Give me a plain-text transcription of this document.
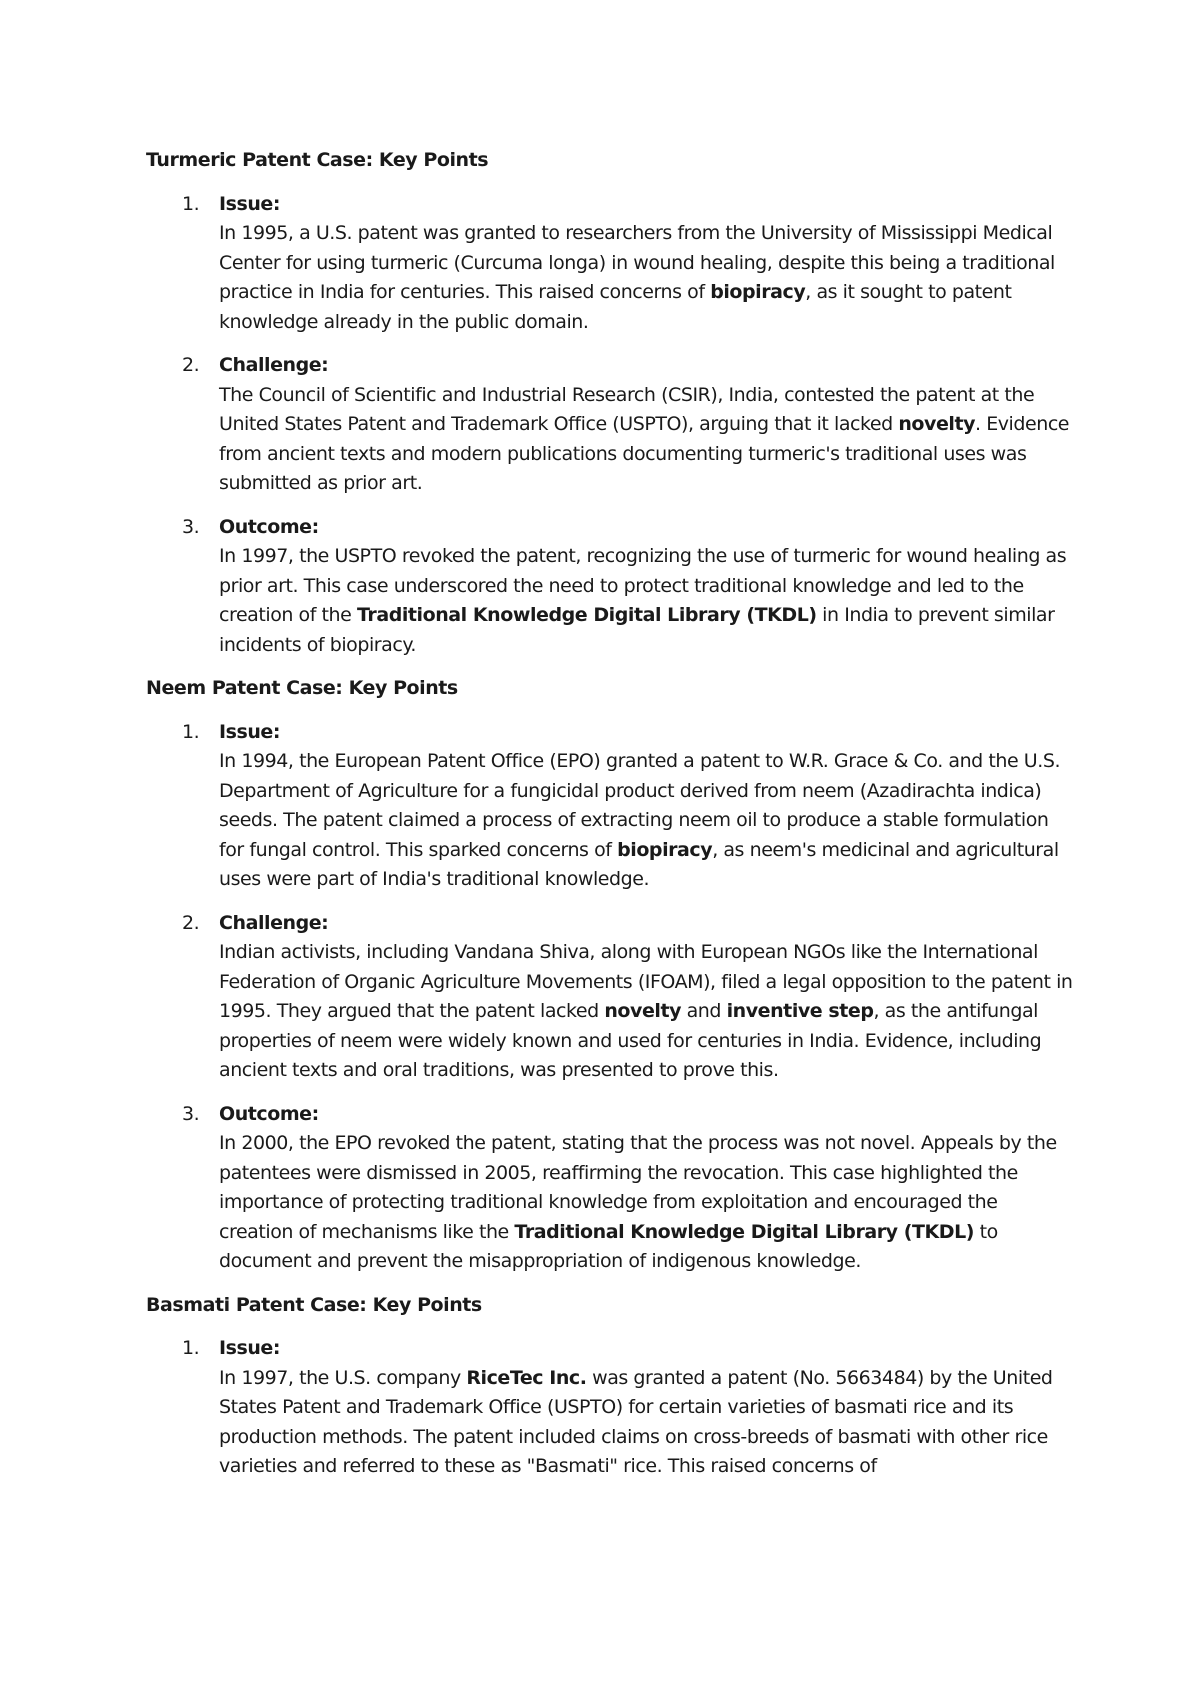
Turmeric Patent Case: Key Points
1. Issue:
In 1995, a U.S. patent was granted to researchers from the University of Mississippi Medical Center for using turmeric (Curcuma longa) in wound healing, despite this being a traditional practice in India for centuries. This raised concerns of biopiracy, as it sought to patent knowledge already in the public domain.
2. Challenge:
The Council of Scientific and Industrial Research (CSIR), India, contested the patent at the United States Patent and Trademark Office (USPTO), arguing that it lacked novelty. Evidence from ancient texts and modern publications documenting turmeric's traditional uses was submitted as prior art.
3. Outcome:
In 1997, the USPTO revoked the patent, recognizing the use of turmeric for wound healing as prior art. This case underscored the need to protect traditional knowledge and led to the creation of the Traditional Knowledge Digital Library (TKDL) in India to prevent similar incidents of biopiracy.
Neem Patent Case: Key Points
1. Issue:
In 1994, the European Patent Office (EPO) granted a patent to W.R. Grace & Co. and the U.S. Department of Agriculture for a fungicidal product derived from neem (Azadirachta indica) seeds. The patent claimed a process of extracting neem oil to produce a stable formulation for fungal control. This sparked concerns of biopiracy, as neem's medicinal and agricultural uses were part of India's traditional knowledge.
2. Challenge:
Indian activists, including Vandana Shiva, along with European NGOs like the International Federation of Organic Agriculture Movements (IFOAM), filed a legal opposition to the patent in 1995. They argued that the patent lacked novelty and inventive step, as the antifungal properties of neem were widely known and used for centuries in India. Evidence, including ancient texts and oral traditions, was presented to prove this.
3. Outcome:
In 2000, the EPO revoked the patent, stating that the process was not novel. Appeals by the patentees were dismissed in 2005, reaffirming the revocation. This case highlighted the importance of protecting traditional knowledge from exploitation and encouraged the creation of mechanisms like the Traditional Knowledge Digital Library (TKDL) to document and prevent the misappropriation of indigenous knowledge.
Basmati Patent Case: Key Points
1. Issue:
In 1997, the U.S. company RiceTec Inc. was granted a patent (No. 5663484) by the United States Patent and Trademark Office (USPTO) for certain varieties of basmati rice and its production methods. The patent included claims on cross-breeds of basmati with other rice varieties and referred to these as "Basmati" rice. This raised concerns of
